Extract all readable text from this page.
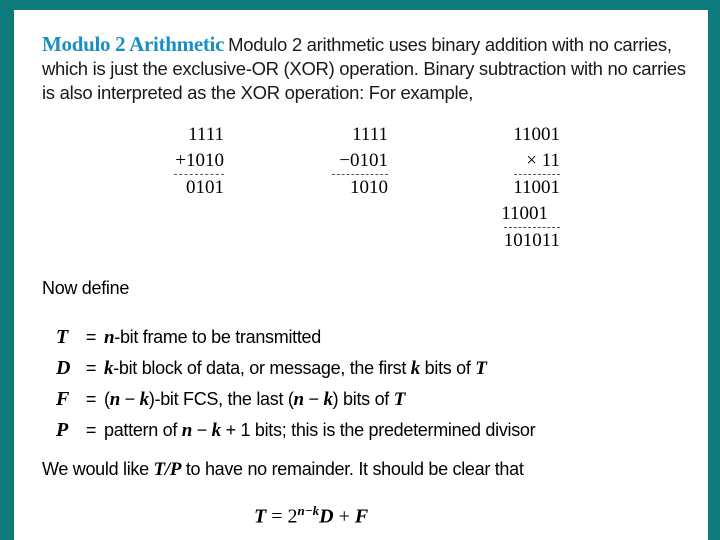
Modulo 2 Arithmetic Modulo 2 arithmetic uses binary addition with no carries, which is just the exclusive-OR (XOR) operation. Binary subtraction with no carries is also interpreted as the XOR operation: For example,

1111
+1010
0101
1111
−0101
1010
11001
× 11
11001
11001
101011
Now define
T = n-bit frame to be transmitted
D = k-bit block of data, or message, the first k bits of T
F = (n − k)-bit FCS, the last (n − k) bits of T
P = pattern of n − k + 1 bits; this is the predetermined divisor
We would like T/P to have no remainder. It should be clear that
$T = 2^{n-k}D + F$
